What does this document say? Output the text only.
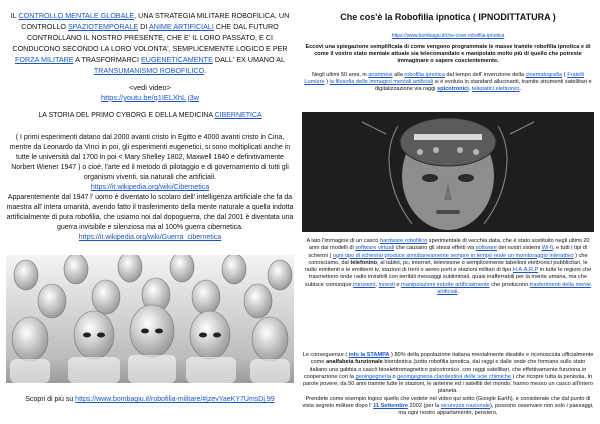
IL CONTROLLO MENTALE GLOBALE, UNA STRATEGIA MILITARE ROBOFILICA, UN CONTROLLO SPAZIOTEMPORALE DI ANIME ARTIFICIALI CHE DAL FUTURO CONTROLLANO IL NOSTRO PRESENTE, CHE E' IL LORO PASSATO, E CI CONDUCONO SECONDO LA LORO VOLONTA', SEMPLICEMENTE LOGICO E PER FORZA MILITARE A TRASFORMARCI EUGENETICAMENTE DALL' EX UMANO AL TRANSUMANISMO ROBOFILICO.

<vedi video>
https://youtu.be/q1IELXhL j3w

LA STORIA DEL PRIMO CYBORG E DELLA MEDICINA CIBERNETICA

( I primi esperimenti datano dal 2000 avanti cristo in Egitto e 4000 avanti cristo in Cina, mentre da Leonardo da Vinci in poi, gli esperimenti eugenetici, si sono moltiplicati anche in tutte le università dal 1700 in poi < Mary Shelley 1802, Maxwell 1840 e definitivamente Norbert Wiener 1947 ) o cioè, l'arte ed il metodo di pilotaggio e di governamento di tutti gli organismi viventi, sia naturali che artificiali.

https://it.wikipedia.org/wiki/Cibernetica

Apparentemente dal 1947 l' uomo è diventato lo scolaro dell' intelligenza artificiale che fa da maestra all' intera umanità, avendo fatto il trasferimento della mente naturale a quella indotta artificialmente di pura robofilia, che usiamo noi dal dopoguerra, che dal 2001 è diventata una guerra invisibile e silenziosa ma al 100% guerra cibernetica.

https://it.wikipedia.org/wiki/Guerra_cibernetica

Scopri di più su https://www.bombagiu.it/robofilia-militare/#jzevYaeKY7UmsDj.99

Che cos'è la Robofilia ipnotica ( IPNODITTATURA )
https://www.bombagiu.it/che-cose-robofilia-ipnotica

Eccovi una spiegazione semplificata di come vengono programmate le masse tramite robofilia ipnotica e di come il vostro stato mentale attuale sia telecomandato e manipolato molto più di quello che potreste immaginare o sapere coscientemente.

Negli ultimi 50 anni, in anamnesi alla robofilia ipnotica dal tempo dell' invenzione della cinematografia ( Fratelli Lumiere ) la filosofia delle immagini mentali artificiali si è evoluta in standard allucinanti, tramite strumenti satellitari e digitalizzazione via raggi spicotronici, telepatici elettronici.

A lato l'immagine di un casco hardware robofilico sperimentale di vecchia data, che è stato sostituito negli ultimi 20 anni dai modelli di software virtuali che causano gli stessi effetti via software dei nostri sistemi Wi-fi, e tutti i tipi di schermi ( ogni tipo di schermo produce simultaneamente sempre in tempo reale un monitoraggio interattivo ) che conosciamo, dal telefonino, al tablet, pc, internet, televisione o semplicemente tabelloni elettronici pubblicitari, le radio emittenti e le emittenti tv, stazioni di treni o aereo porti e stazioni militari di tipo H.A.A.R.P in tutte le regioni che trasmettono onde radio invisibili con terribili messaggi subliminali, quasi inafferrabili per la mente umana, ma che subisce comunque intrusioni, innesti e manipolazioni indotte artificialmente che producono trasferimenti della mente artificiali.

Le conseguenze ( info la STAMPA ) 80% della popolazione italiana mentalmente disabile e riconosciuta ufficialmente come analfabeta funzionale biorobotica (sotto robofilia ipnotica, dai raggi e dalle onde che formano sullo stato italiano una gabbia o cascò bioelettromagnetico psicotronico, con raggi satellitari, che effettivamente funziona in cooperazione con la geoingegneria o geoingegneria clandestina delle scie chimiche ) che ricopre tutta la penisola. In parole povere, da 50 anni tramite tutte le stazioni, le antenne ed i satelliti del mondo, hanno messo un casco all'intero pianeta.

Prendete come esempio logico quello che vedete nel video qui sotto (Google Earth), e considerate che dal punto di vista segreto militare dopo l' 11 Settembre 2002 (per la sicurezza nazionale), possono osservare non solo i paesaggi, ma ogni nostro appartamento, pensiero,
